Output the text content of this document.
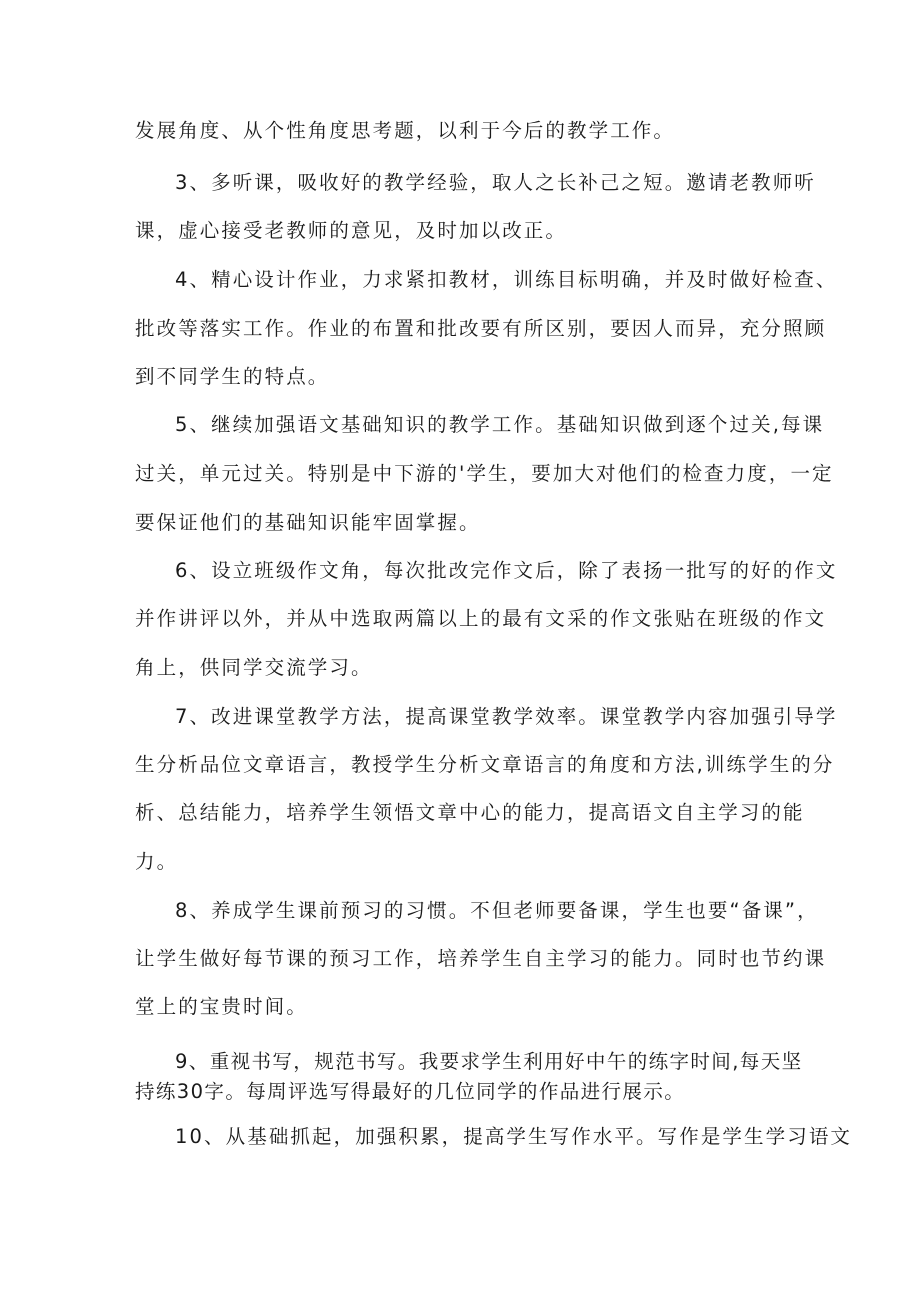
发展角度、从个性角度思考题，以利于今后的教学工作。
3、多听课，吸收好的教学经验，取人之长补己之短。邀请老教师听
课，虚心接受老教师的意见，及时加以改正。
4、精心设计作业，力求紧扣教材，训练目标明确，并及时做好检查、
批改等落实工作。作业的布置和批改要有所区别，要因人而异，充分照顾
到不同学生的特点。
5、继续加强语文基础知识的教学工作。基础知识做到逐个过关,每课
过关，单元过关。特别是中下游的'学生，要加大对他们的检查力度，一定
要保证他们的基础知识能牢固掌握。
6、设立班级作文角，每次批改完作文后，除了表扬一批写的好的作文
并作讲评以外，并从中选取两篇以上的最有文采的作文张贴在班级的作文
角上，供同学交流学习。
7、改进课堂教学方法，提高课堂教学效率。课堂教学内容加强引导学
生分析品位文章语言，教授学生分析文章语言的角度和方法,训练学生的分
析、总结能力，培养学生领悟文章中心的能力，提高语文自主学习的能
力。
8、养成学生课前预习的习惯。不但老师要备课，学生也要“备课”，
让学生做好每节课的预习工作，培养学生自主学习的能力。同时也节约课
堂上的宝贵时间。
9、重视书写，规范书写。我要求学生利用好中午的练字时间,每天坚
持练30字。每周评选写得最好的几位同学的作品进行展示。
10、从基础抓起，加强积累，提高学生写作水平。写作是学生学习语文
